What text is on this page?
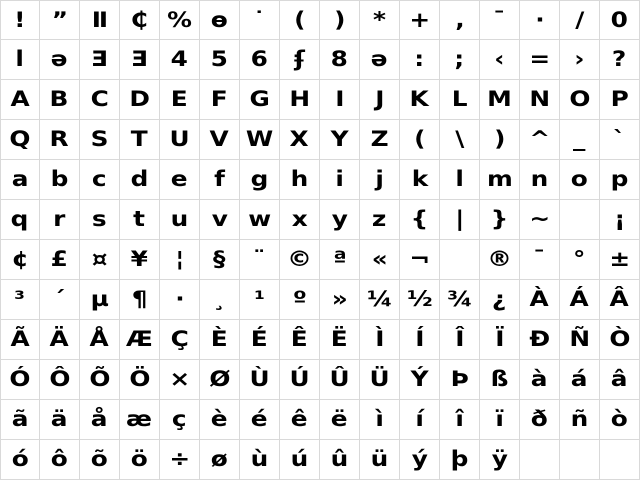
! ˮ Ⅱ ₵ % ѳ ˙ ( ) * + , ¯ · / 0
l ǝ Ǝ Ǝ 4 5 6 ʄ 8 ə : ; ‹ = › ?
A B C D E F G H I J K L M N O P
Q R S T U V W X Y Z ( \ ) ^ _ `
a b c d e f g h i j k l m n o p
q r s t u v w x y z { | } ~	¡
¢ £ ¤ ¥ ¦ § ¨ © ª « ¬	® ¯ ° ±
³ ´ µ ¶ · ¸ ¹ º » ¼ ½ ¾ ¿ À Á Â
Ã Ä Å Æ Ç È É Ê Ë Ì Í Î Ï Ð Ñ Ò
Ó Ô Õ Ö × Ø Ù Ú Û Ü Ý Þ ß à á â
ã ä å æ ç è é ê ë ì í î ï ð ñ ò
ó ô õ ö ÷ ø ù ú û ü ý þ ÿ
